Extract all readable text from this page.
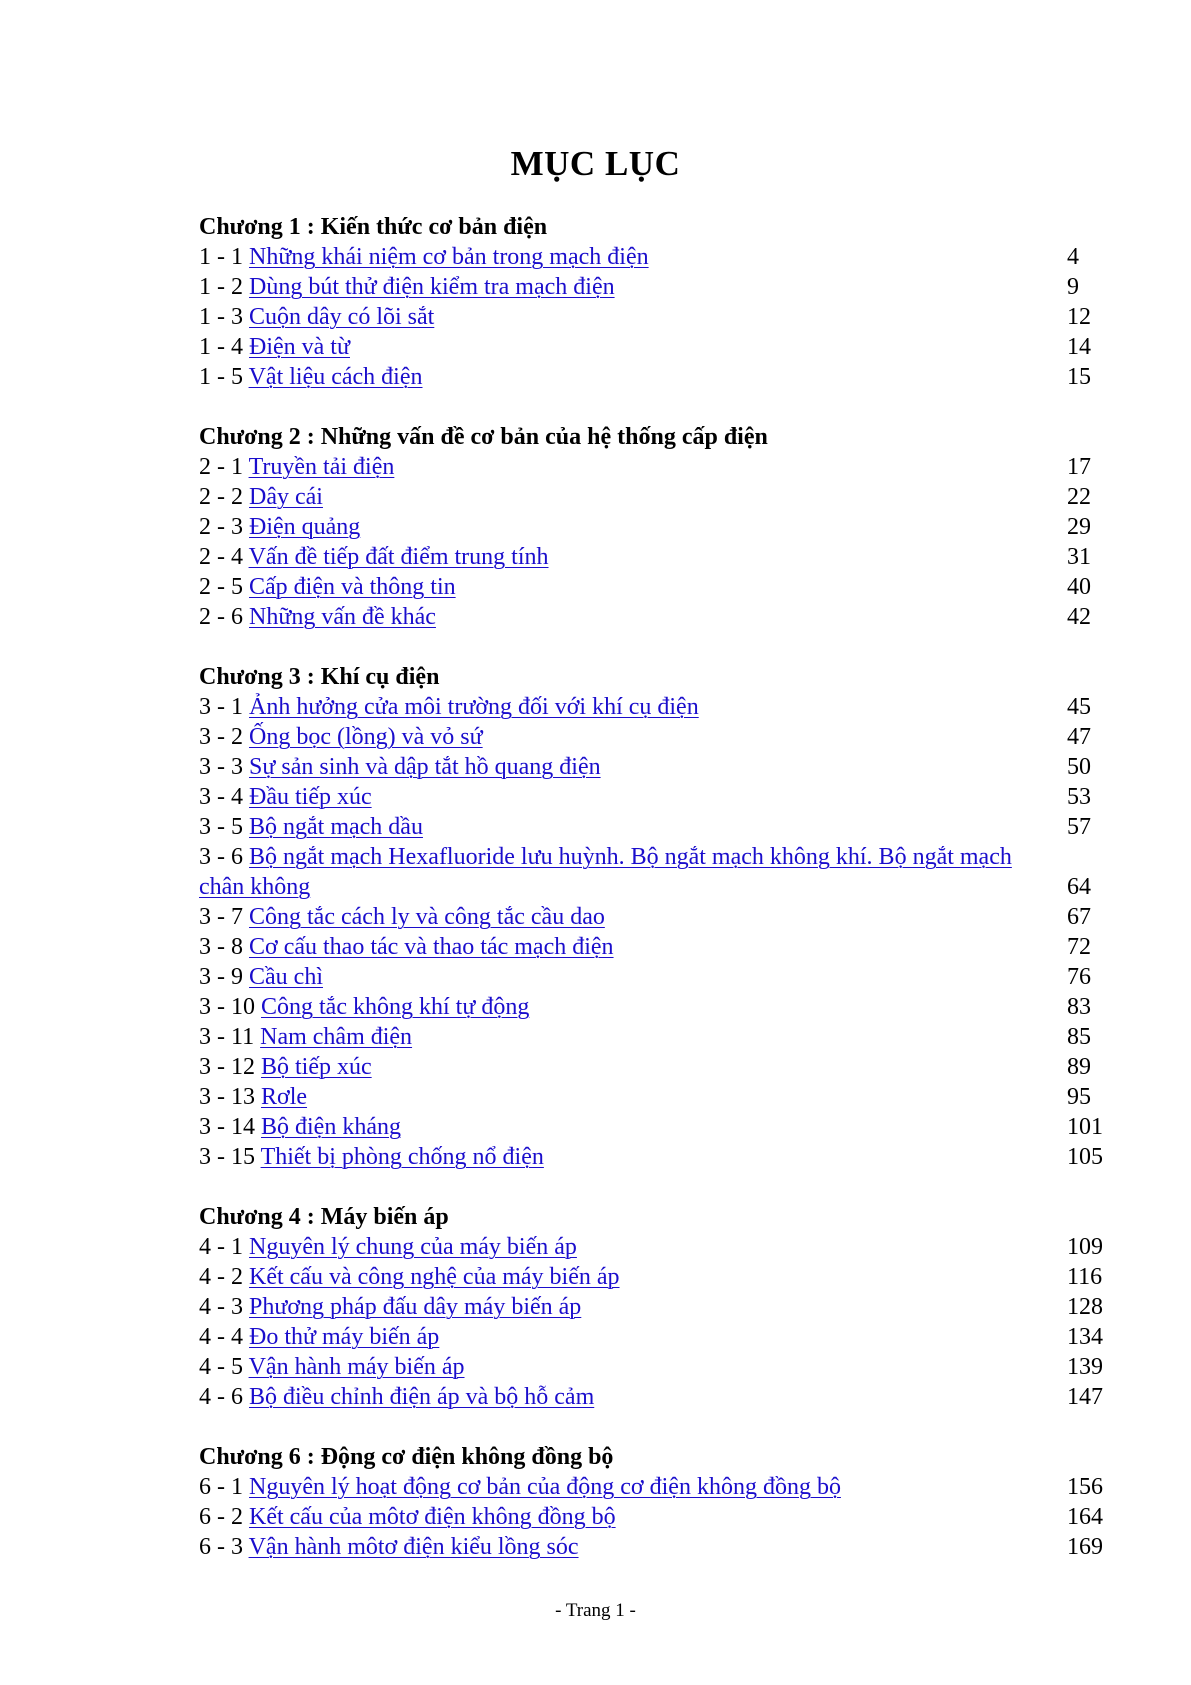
MỤC LỤC
Chương 1 : Kiến thức cơ bản điện
1 - 1 Những khái niệm cơ bản trong mạch điện	4
1 - 2 Dùng bút thử điện kiểm tra mạch điện	9
1 - 3 Cuộn dây có lõi sắt	12
1 - 4 Điện và từ	14
1 - 5 Vật liệu cách điện	15
Chương 2 : Những vấn đề cơ bản của hệ thống cấp điện
2 - 1 Truyền tải điện	17
2 - 2 Dây cái	22
2 - 3 Điện quảng	29
2 - 4 Vấn đề tiếp đất điểm trung tính	31
2 - 5 Cấp điện và thông tin	40
2 - 6 Những vấn đề khác	42
Chương 3 : Khí cụ điện
3 - 1 Ảnh hưởng cửa môi trường đối với khí cụ điện	45
3 - 2 Ống bọc (lồng) và vỏ sứ	47
3 - 3 Sự sản sinh và dập tắt hồ quang điện	50
3 - 4 Đầu tiếp xúc	53
3 - 5 Bộ ngắt mạch dầu	57
3 - 6 Bộ ngắt mạch Hexafluoride lưu huỳnh. Bộ ngắt mạch không khí. Bộ ngắt mạch
chân không	64
3 - 7 Công tắc cách ly và công tắc cầu dao	67
3 - 8 Cơ cấu thao tác và thao tác mạch điện	72
3 - 9 Cầu chì	76
3 - 10 Công tắc không khí tự động	83
3 - 11 Nam châm điện	85
3 - 12 Bộ tiếp xúc	89
3 - 13 Rơle	95
3 - 14 Bộ điện kháng	101
3 - 15 Thiết bị phòng chống nổ điện	105
Chương 4 : Máy biến áp
4 - 1 Nguyên lý chung của máy biến áp	109
4 - 2 Kết cấu và công nghệ của máy biến áp	116
4 - 3 Phương pháp đấu dây máy biến áp	128
4 - 4 Đo thử máy biến áp	134
4 - 5 Vận hành máy biến áp	139
4 - 6 Bộ điều chỉnh điện áp và bộ hỗ cảm	147
Chương 6 : Động cơ điện không đồng bộ
6 - 1 Nguyên lý hoạt động cơ bản của động cơ điện không đồng bộ	156
6 - 2 Kết cấu của môtơ điện không đồng bộ	164
6 - 3 Vận hành môtơ điện kiểu lồng sóc	169
- Trang 1 -
